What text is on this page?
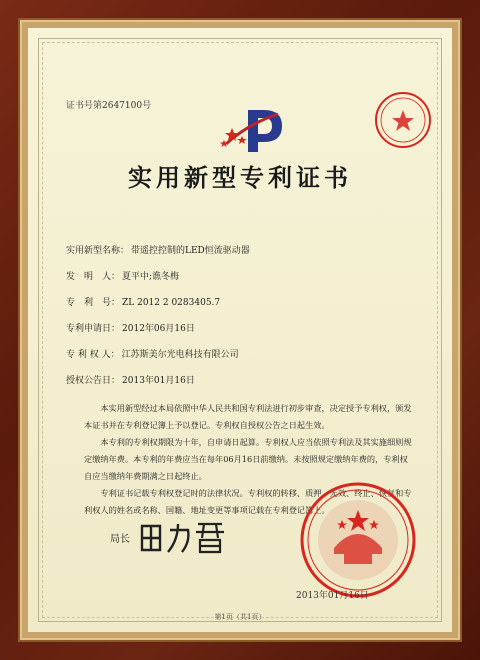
证书号第2647100号
实用新型专利证书
实用新型名称： 带遥控控制的LED恒流驱动器
发　明　人： 夏平中;谯冬梅
专　利　号： ZL 2012 2 0283405.7
专利申请日： 2012年06月16日
专 利 权 人： 江苏斯美尔光电科技有限公司
授权公告日： 2013年01月16日

本实用新型经过本局依照中华人民共和国专利法进行初步审查，决定授予专利权，颁发本证书并在专利登记簿上予以登记。专利权自授权公告之日起生效。

本专利的专利权期限为十年，自申请日起算。专利权人应当依照专利法及其实施细则规定缴纳年费。本专利的年费应当在每年06月16日前缴纳。未按照规定缴纳年费的，专利权自应当缴纳年费期满之日起终止。

专利证书记载专利权登记时的法律状况。专利权的转移、质押、无效、终止、恢复和专利权人的姓名或名称、国籍、地址变更等事项记载在专利登记簿上。

局长
2013年01月16日
第1页（共1页）
